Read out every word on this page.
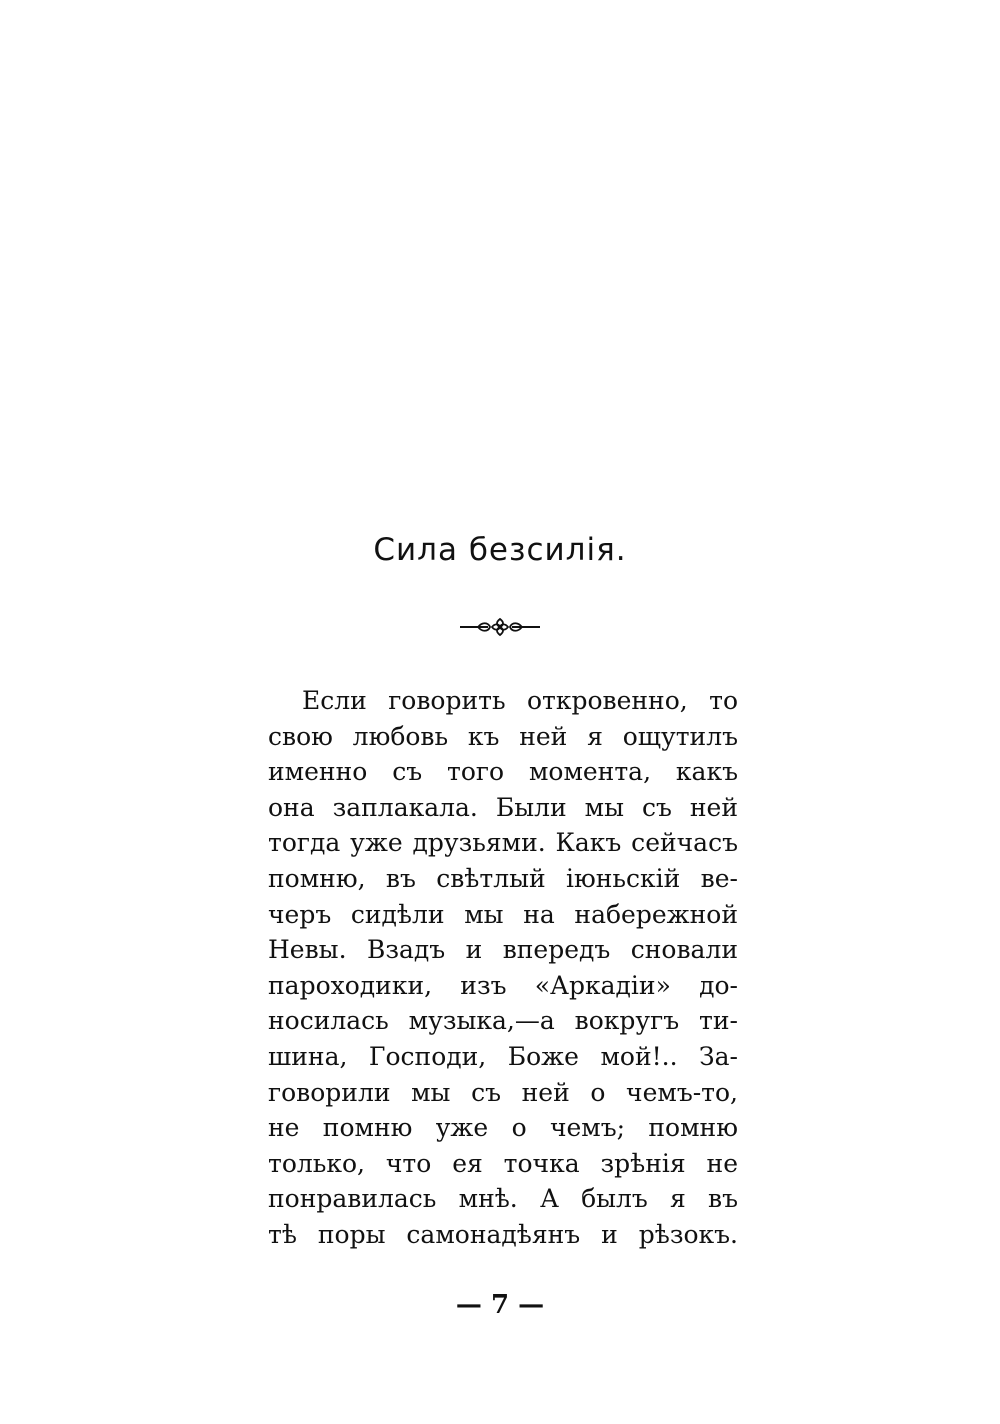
Сила безсилія.
Если говорить откровенно, то
свою любовь къ ней я ощутилъ
именно съ того момента, какъ
она заплакала. Были мы съ ней
тогда уже друзьями. Какъ сейчасъ
помню, въ свѣтлый іюньскій ве-
черъ сидѣли мы на набережной
Невы. Взадъ и впередъ сновали
пароходики, изъ «Аркадіи» до-
носилась музыка,—а вокругъ ти-
шина, Господи, Боже мой!.. За-
говорили мы съ ней о чемъ-то,
не помню уже о чемъ; помню
только, что ея точка зрѣнія не
понравилась мнѣ. А былъ я въ
тѣ поры самонадѣянъ и рѣзокъ.
— 7 —
